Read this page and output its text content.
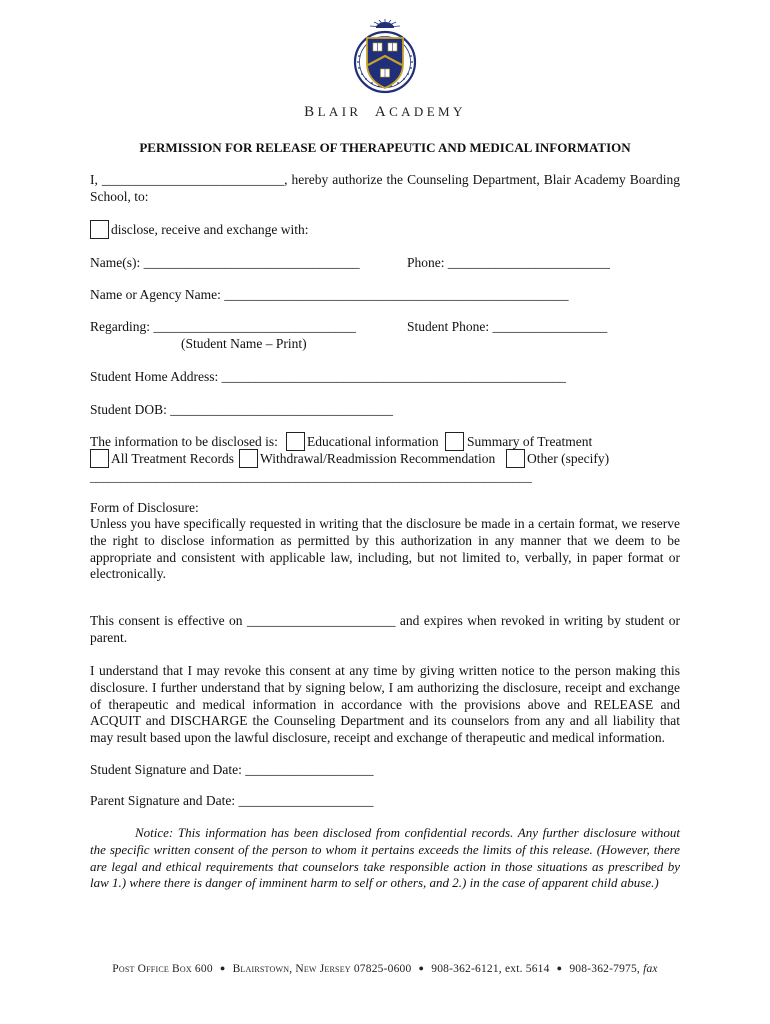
BLAIR ACADEMY
PERMISSION FOR RELEASE OF THERAPEUTIC AND MEDICAL INFORMATION
I, ___________________________, hereby authorize the Counseling Department, Blair Academy Boarding School, to:
disclose, receive and exchange with:
Name(s): ________________________________	Phone: ________________________
Name or Agency Name: ___________________________________________________
Regarding: ______________________________	Student Phone: _________________
(Student Name – Print)
Student Home Address: ___________________________________________________
Student DOB: _________________________________
The information to be disclosed is: Educational information Summary of Treatment
All Treatment Records Withdrawal/Readmission Recommendation Other (specify)
_________________________________________________________________________
Form of Disclosure:
Unless you have specifically requested in writing that the disclosure be made in a certain format, we reserve the right to disclose information as permitted by this authorization in any manner that we deem to be appropriate and consistent with applicable law, including, but not limited to, verbally, in paper format or electronically.
This consent is effective on ______________________ and expires when revoked in writing by student or parent.
I understand that I may revoke this consent at any time by giving written notice to the person making this disclosure. I further understand that by signing below, I am authorizing the disclosure, receipt and exchange of therapeutic and medical information in accordance with the provisions above and RELEASE and ACQUIT and DISCHARGE the Counseling Department and its counselors from any and all liability that may result based upon the lawful disclosure, receipt and exchange of therapeutic and medical information.
Student Signature and Date: ___________________
Parent Signature and Date: ____________________
Notice: This information has been disclosed from confidential records. Any further disclosure without the specific written consent of the person to whom it pertains exceeds the limits of this release. (However, there are legal and ethical requirements that counselors take responsible action in those situations as prescribed by law 1.) where there is danger of imminent harm to self or others, and 2.) in the case of apparent child abuse.)
Post Office Box 600 ● Blairstown, New Jersey 07825-0600 ● 908-362-6121, ext. 5614 ● 908-362-7975, fax
